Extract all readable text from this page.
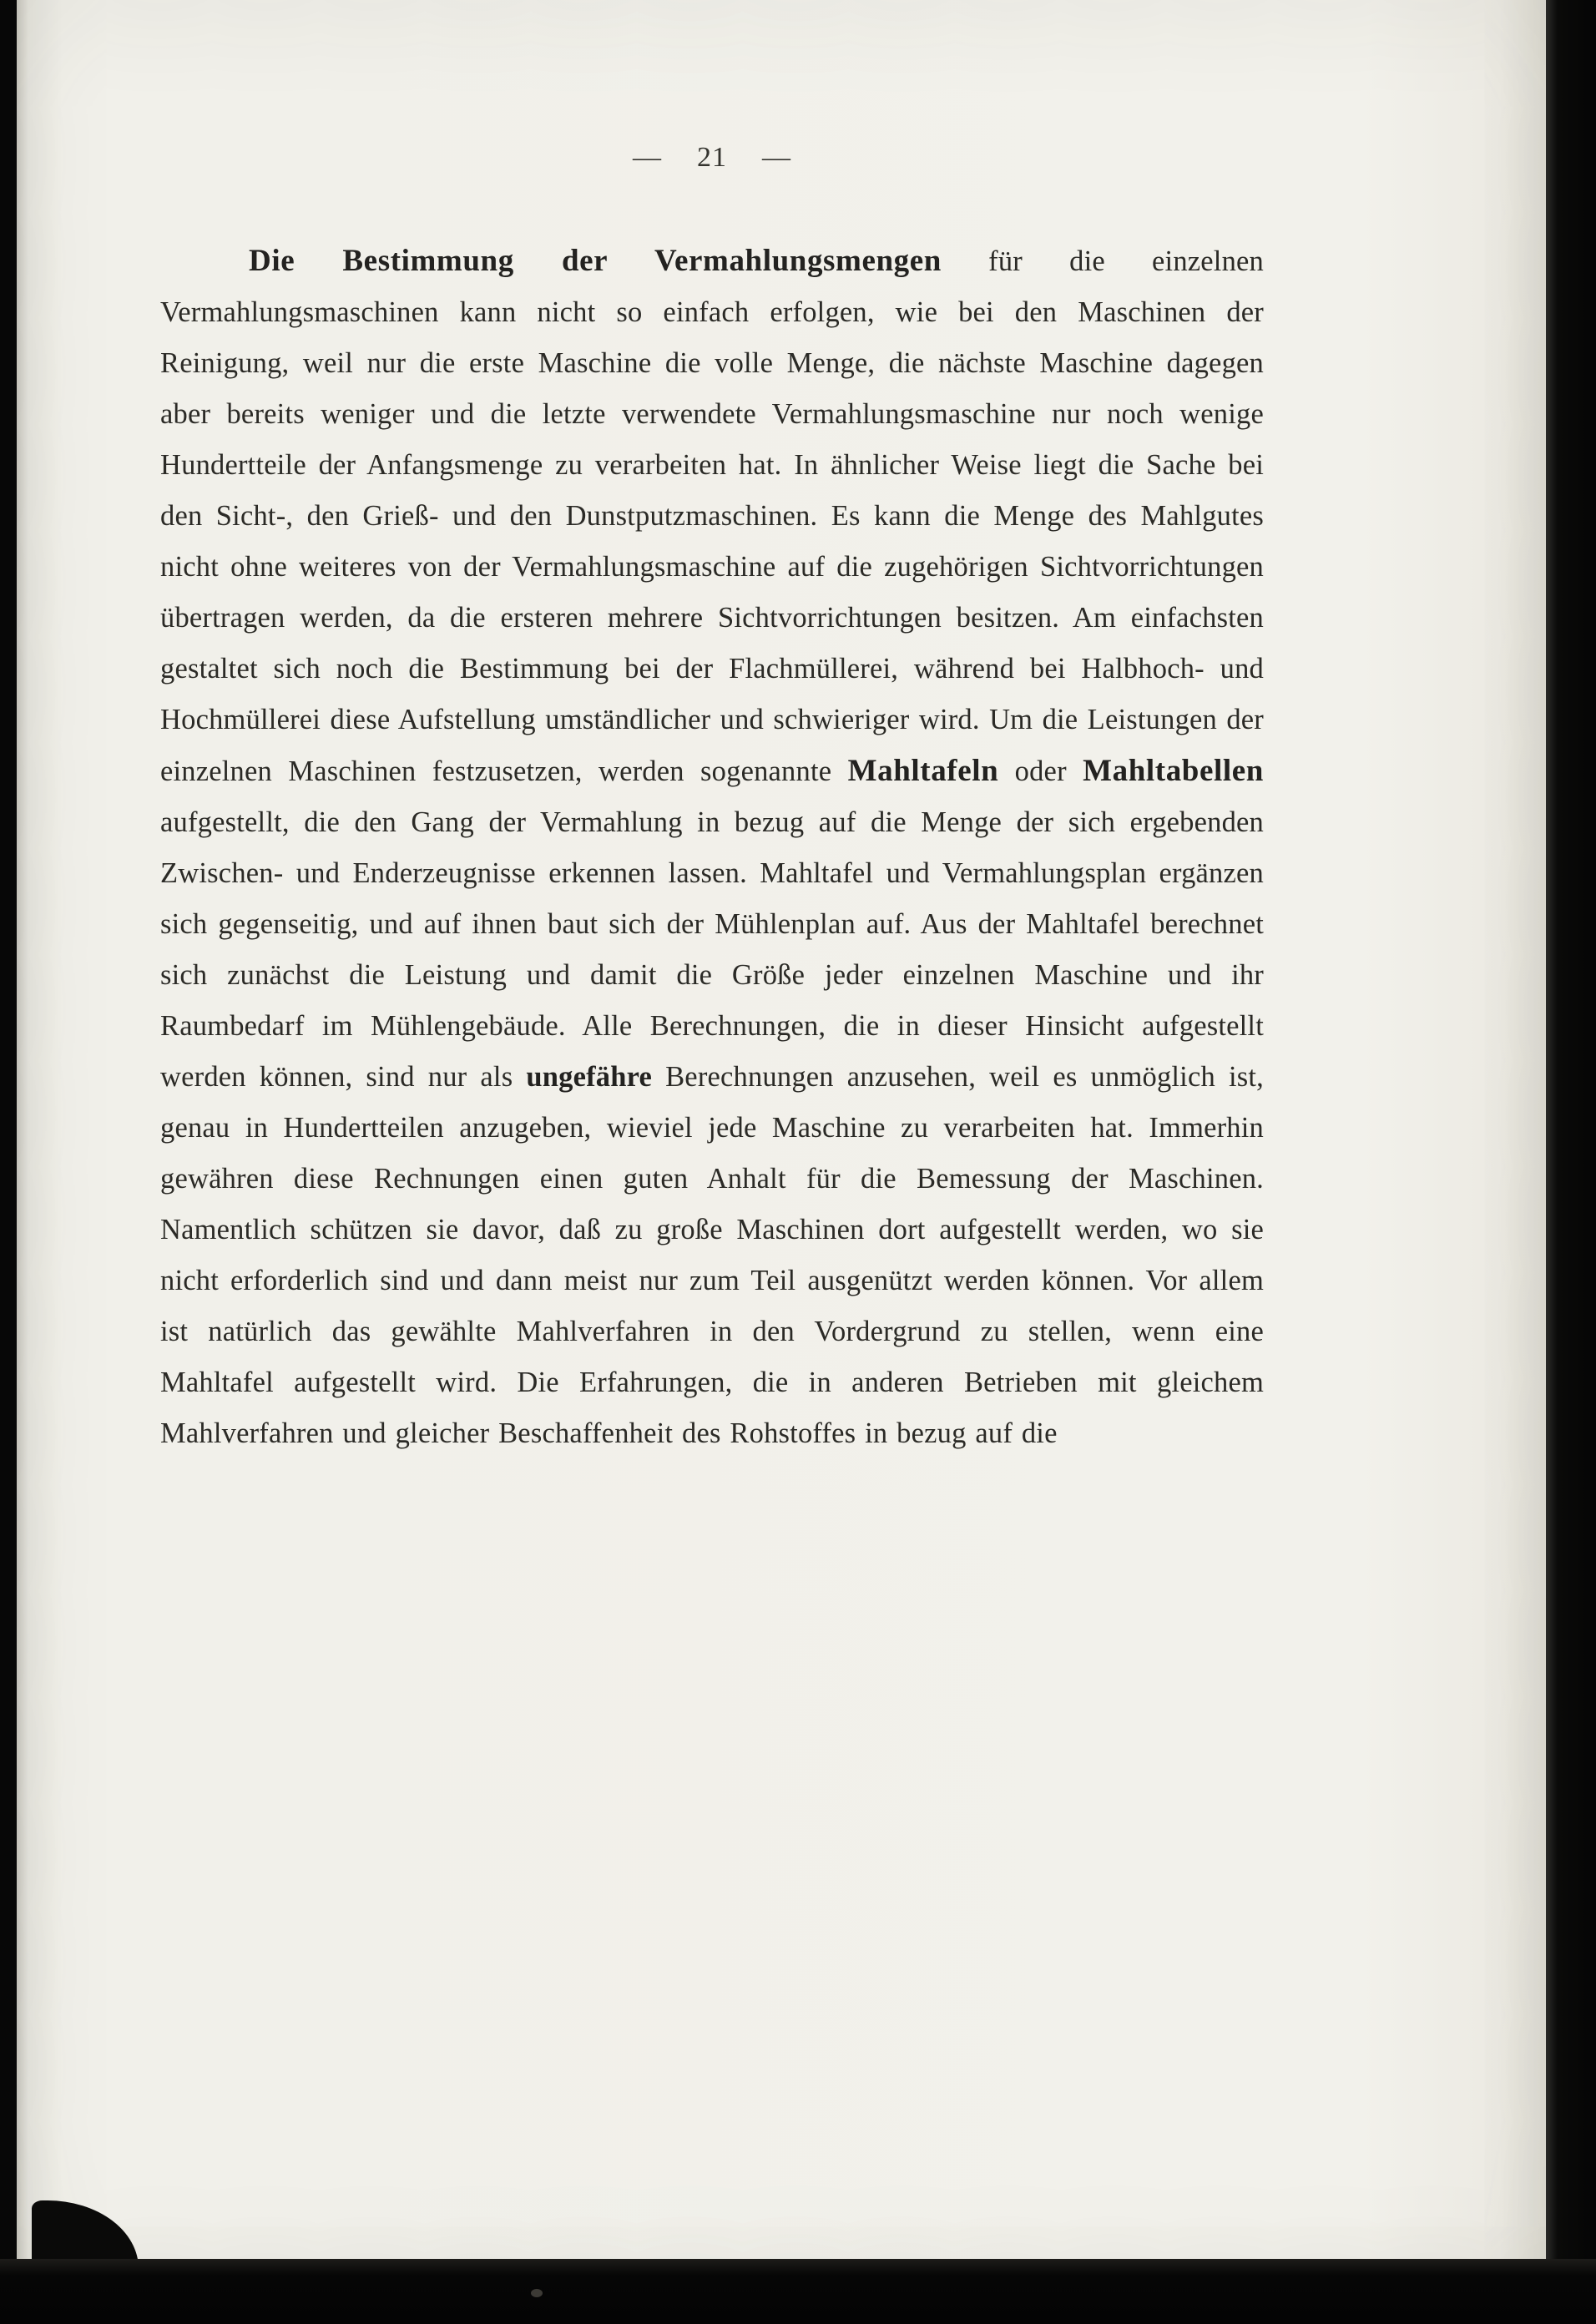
— 21 —

Die Bestimmung der Vermahlungsmengen für die einzelnen Vermahlungsmaschinen kann nicht so einfach erfolgen, wie bei den Maschinen der Reinigung, weil nur die erste Maschine die volle Menge, die nächste Maschine dagegen aber bereits weniger und die letzte verwendete Vermahlungsmaschine nur noch wenige Hundertteile der Anfangsmenge zu verarbeiten hat. In ähnlicher Weise liegt die Sache bei den Sicht-, den Grieß- und den Dunstputzmaschinen. Es kann die Menge des Mahlgutes nicht ohne weiteres von der Vermahlungsmaschine auf die zugehörigen Sichtvorrichtungen übertragen werden, da die ersteren mehrere Sichtvorrichtungen besitzen. Am einfachsten gestaltet sich noch die Bestimmung bei der Flachmüllerei, während bei Halbhoch- und Hochmüllerei diese Aufstellung umständlicher und schwieriger wird. Um die Leistungen der einzelnen Maschinen festzusetzen, werden sogenannte Mahltafeln oder Mahltabellen aufgestellt, die den Gang der Vermahlung in bezug auf die Menge der sich ergebenden Zwischen- und Enderzeugnisse erkennen lassen. Mahltafel und Vermahlungsplan ergänzen sich gegenseitig, und auf ihnen baut sich der Mühlenplan auf. Aus der Mahltafel berechnet sich zunächst die Leistung und damit die Größe jeder einzelnen Maschine und ihr Raumbedarf im Mühlengebäude. Alle Berechnungen, die in dieser Hinsicht aufgestellt werden können, sind nur als ungefähre Berechnungen anzusehen, weil es unmöglich ist, genau in Hundertteilen anzugeben, wieviel jede Maschine zu verarbeiten hat. Immerhin gewähren diese Rechnungen einen guten Anhalt für die Bemessung der Maschinen. Namentlich schützen sie davor, daß zu große Maschinen dort aufgestellt werden, wo sie nicht erforderlich sind und dann meist nur zum Teil ausgenützt werden können. Vor allem ist natürlich das gewählte Mahlverfahren in den Vordergrund zu stellen, wenn eine Mahltafel aufgestellt wird. Die Erfahrungen, die in anderen Betrieben mit gleichem Mahlverfahren und gleicher Beschaffenheit des Rohstoffes in bezug auf die
